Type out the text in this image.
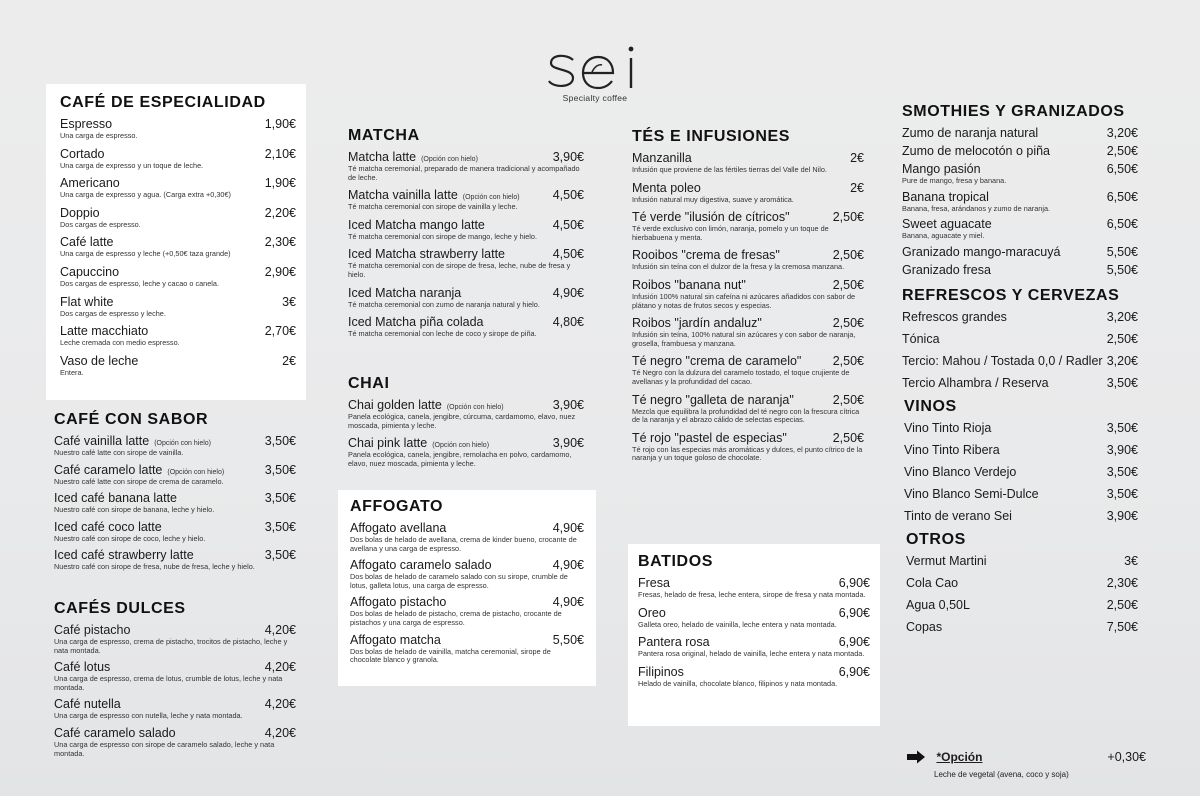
Specialty coffee
CAFÉ DE ESPECIALIDAD
Espresso	1,90€
Una carga de espresso.
Cortado	2,10€
Una carga de expresso y un toque de leche.
Americano	1,90€
Una carga de expresso y agua. (Carga extra +0,30€)
Doppio	2,20€
Dos cargas de espresso.
Café latte	2,30€
Una carga de espresso y leche (+0,50€ taza grande)
Capuccino	2,90€
Dos cargas de espresso, leche y cacao o canela.
Flat white	3€
Dos cargas de espresso y leche.
Latte macchiato	2,70€
Leche cremada con medio espresso.
Vaso de leche	2€
Entera.
CAFÉ CON SABOR
Café vainilla latte (Opción con hielo)	3,50€
Nuestro café latte con sirope de vainilla.
Café caramelo latte (Opción con hielo)	3,50€
Nuestro café latte con sirope de crema de caramelo.
Iced café banana latte	3,50€
Nuestro café con sirope de banana, leche y hielo.
Iced café coco latte	3,50€
Nuestro café con sirope de coco, leche y hielo.
Iced café strawberry latte	3,50€
Nuestro café con sirope de fresa, nube de fresa, leche y hielo.
CAFÉS DULCES
Café pistacho	4,20€
Una carga de espresso, crema de pistacho, trocitos de pistacho, leche y nata montada.
Café lotus	4,20€
Una carga de espresso, crema de lotus, crumble de lotus, leche y nata montada.
Café nutella	4,20€
Una carga de espresso con nutella, leche y nata montada.
Café caramelo salado	4,20€
Una carga de espresso con sirope de caramelo salado, leche y nata montada.
MATCHA
Matcha latte (Opción con hielo)	3,90€
Té matcha ceremonial, preparado de manera tradicional y acompañado de leche.
Matcha vainilla latte (Opción con hielo)	4,50€
Té matcha ceremonial con sirope de vainilla y leche.
Iced Matcha mango latte	4,50€
Té matcha ceremonial con sirope de mango, leche y hielo.
Iced Matcha strawberry latte	4,50€
Té matcha ceremonial con de sirope de fresa, leche, nube de fresa y hielo.
Iced Matcha naranja	4,90€
Té matcha ceremonial con zumo de naranja natural y hielo.
Iced Matcha piña colada	4,80€
Té matcha ceremonial con leche de coco y sirope de piña.
CHAI
Chai golden latte (Opción con hielo)	3,90€
Panela ecológica, canela, jengibre, cúrcuma, cardamomo, elavo, nuez moscada, pimienta y leche.
Chai pink latte (Opción con hielo)	3,90€
Panela ecológica, canela, jengibre, remolacha en polvo, cardamomo, elavo, nuez moscada, pimienta y leche.
AFFOGATO
Affogato avellana	4,90€
Dos bolas de helado de avellana, crema de kinder bueno, crocante de avellana y una carga de espresso.
Affogato caramelo salado	4,90€
Dos bolas de helado de caramelo salado con su sirope, crumble de lotus, galleta lotus, una carga de espresso.
Affogato pistacho	4,90€
Dos bolas de helado de pistacho, crema de pistacho, crocante de pistachos y una carga de espresso.
Affogato matcha	5,50€
Dos bolas de helado de vainilla, matcha ceremonial, sirope de chocolate blanco y granola.
TÉS E INFUSIONES
Manzanilla	2€
Infusión que proviene de las fértiles tierras del Valle del Nilo.
Menta poleo	2€
Infusión natural muy digestiva, suave y aromática.
Té verde "ilusión de cítricos"	2,50€
Té verde exclusivo con limón, naranja, pomelo y un toque de hierbabuena y menta.
Rooibos "crema de fresas"	2,50€
Infusión sin teína con el dulzor de la fresa y la cremosa manzana.
Roibos "banana nut"	2,50€
Infusión 100% natural sin cafeína ni azúcares añadidos con sabor de plátano y notas de frutos secos y especias.
Roibos "jardín andaluz"	2,50€
Infusión sin teína, 100% natural sin azúcares y con sabor de naranja, grosella, frambuesa y manzana.
Té negro "crema de caramelo"	2,50€
Té Negro con la dulzura del caramelo tostado, el toque crujiente de avellanas y la profundidad del cacao.
Té negro "galleta de naranja"	2,50€
Mezcla que equilibra la profundidad del té negro con la frescura cítrica de la naranja y el abrazo cálido de selectas especias.
Té rojo "pastel de especias"	2,50€
Té rojo con las especias más aromáticas y dulces, el punto cítrico de la naranja y un toque goloso de chocolate.
BATIDOS
Fresa	6,90€
Fresas, helado de fresa, leche entera, sirope de fresa y nata montada.
Oreo	6,90€
Galleta oreo, helado de vainilla, leche entera y nata montada.
Pantera rosa	6,90€
Pantera rosa original, helado de vainilla, leche entera y nata montada.
Filipinos	6,90€
Helado de vainilla, chocolate blanco, filipinos y nata montada.
SMOTHIES Y GRANIZADOS
Zumo de naranja natural	3,20€
Zumo de melocotón o piña	2,50€
Mango pasión	6,50€
Pure de mango, fresa y banana.
Banana tropical	6,50€
Banana, fresa, arándanos y zumo de naranja.
Sweet aguacate	6,50€
Banana, aguacate y miel.
Granizado mango-maracuyá	5,50€
Granizado fresa	5,50€
REFRESCOS Y CERVEZAS
Refrescos grandes	3,20€
Tónica	2,50€
Tercio: Mahou / Tostada 0,0 / Radler 3,20€
Tercio Alhambra / Reserva	3,50€
VINOS
Vino Tinto Rioja	3,50€
Vino Tinto Ribera	3,90€
Vino Blanco Verdejo	3,50€
Vino Blanco Semi-Dulce	3,50€
Tinto de verano Sei	3,90€
OTROS
Vermut Martini	3€
Cola Cao	2,30€
Agua 0,50L	2,50€
Copas	7,50€
*Opción	+0,30€
Leche de vegetal (avena, coco y soja)
